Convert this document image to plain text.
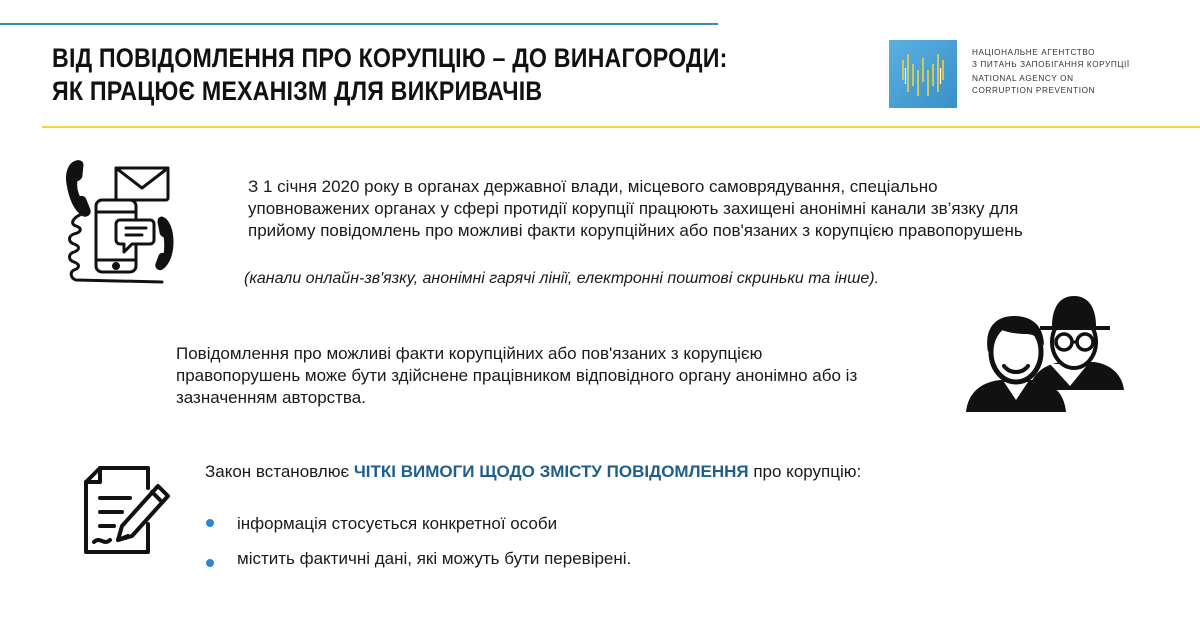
ВІД ПОВІДОМЛЕННЯ ПРО КОРУПЦІЮ – ДО ВИНАГОРОДИ:
ЯК ПРАЦЮЄ МЕХАНІЗМ ДЛЯ ВИКРИВАЧІВ
НАЦІОНАЛЬНЕ АГЕНТСТВО
З ПИТАНЬ ЗАПОБІГАННЯ КОРУПЦІЇ
NATIONAL AGENCY ON
CORRUPTION PREVENTION
З 1 січня 2020 року в органах державної влади, місцевого самоврядування, спеціально
уповноважених органах у сфері протидії корупції працюють захищені анонімні канали зв’язку для
прийому повідомлень про можливі факти корупційних або пов'язаних з корупцією правопорушень
(канали онлайн-зв'язку, анонімні гарячі лінії, електронні поштові скриньки та інше).
Повідомлення про можливі факти корупційних або пов'язаних з корупцією
правопорушень може бути здійснене працівником відповідного органу анонімно або із
зазначенням авторства.
Закон встановлює ЧІТКІ ВИМОГИ ЩОДО ЗМІСТУ ПОВІДОМЛЕННЯ про корупцію:
інформація стосується конкретної особи
містить фактичні дані, які можуть бути перевірені.
